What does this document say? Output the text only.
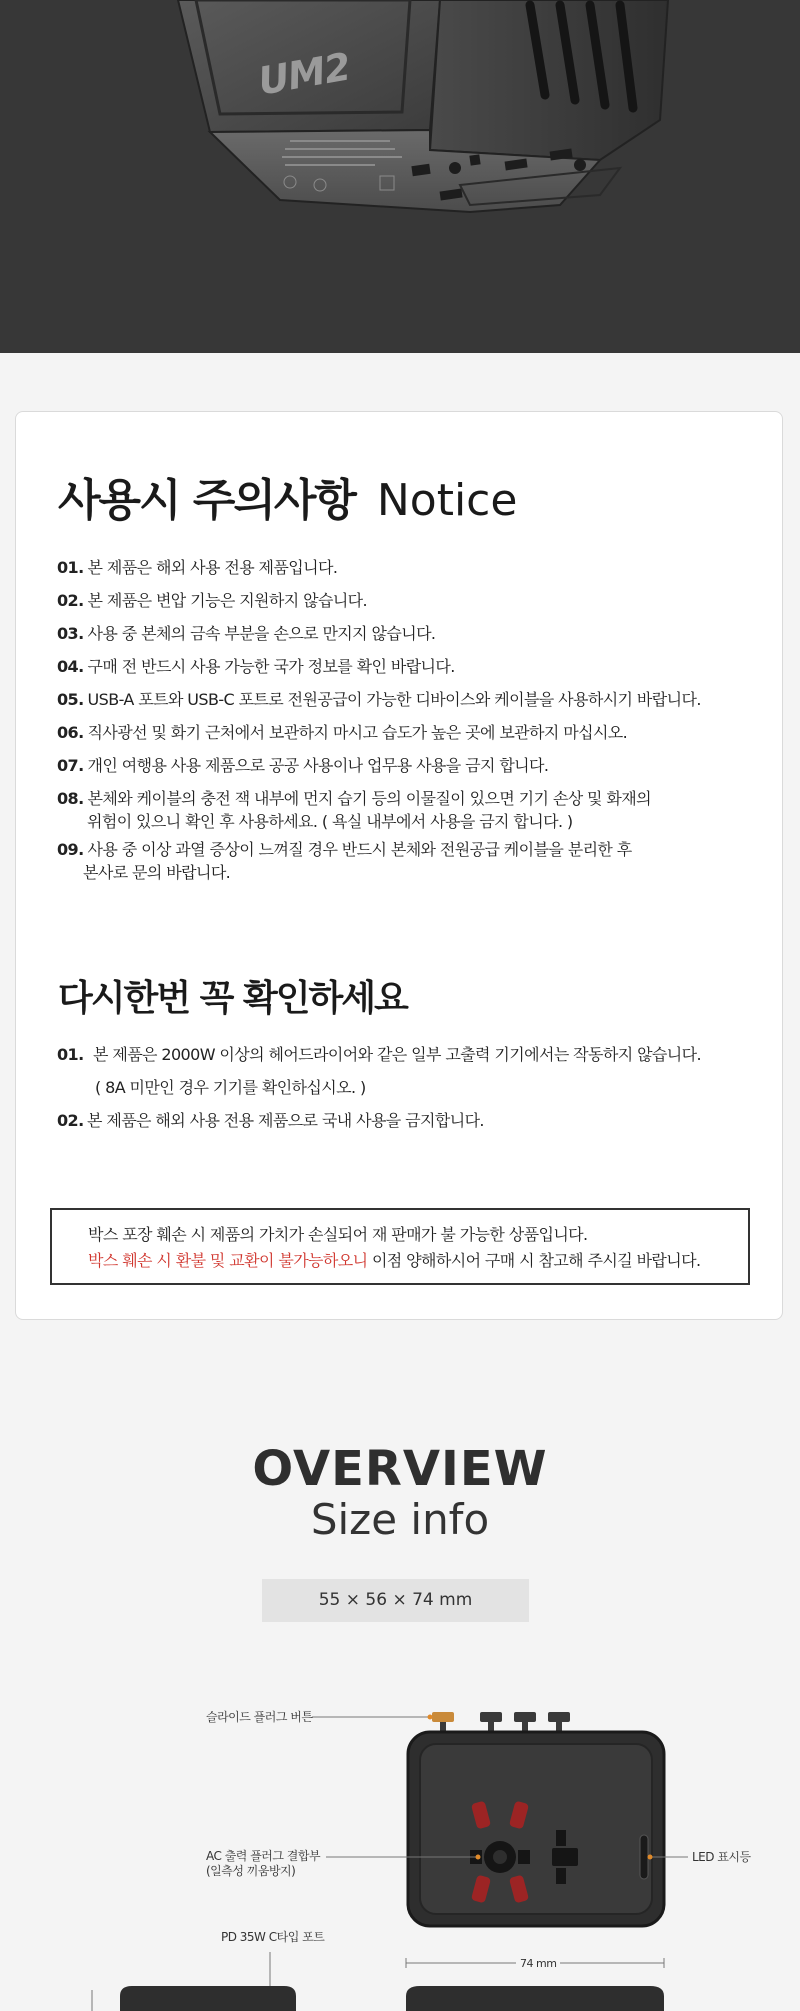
UM2
사용시 주의사항 Notice
01. 본 제품은 해외 사용 전용 제품입니다.
02. 본 제품은 변압 기능은 지원하지 않습니다.
03. 사용 중 본체의 금속 부분을 손으로 만지지 않습니다.
04. 구매 전 반드시 사용 가능한 국가 정보를 확인 바랍니다.
05. USB-A 포트와 USB-C 포트로 전원공급이 가능한 디바이스와 케이블을 사용하시기 바랍니다.
06. 직사광선 및 화기 근처에서 보관하지 마시고 습도가 높은 곳에 보관하지 마십시오.
07. 개인 여행용 사용 제품으로 공공 사용이나 업무용 사용을 금지 합니다.
08. 본체와 케이블의 충전 잭 내부에 먼지 습기 등의 이물질이 있으면 기기 손상 및 화재의
위험이 있으니 확인 후 사용하세요. ( 욕실 내부에서 사용을 금지 합니다. )
09. 사용 중 이상 과열 증상이 느껴질 경우 반드시 본체와 전원공급 케이블을 분리한 후
본사로 문의 바랍니다.
다시한번 꼭 확인하세요
01. 본 제품은 2000W 이상의 헤어드라이어와 같은 일부 고출력 기기에서는 작동하지 않습니다.
( 8A 미만인 경우 기기를 확인하십시오. )
02. 본 제품은 해외 사용 전용 제품으로 국내 사용을 금지합니다.
박스 포장 훼손 시 제품의 가치가 손실되어 재 판매가 불 가능한 상품입니다.
박스 훼손 시 환불 및 교환이 불가능하오니 이점 양해하시어 구매 시 참고해 주시길 바랍니다.
OVERVIEW
Size info
55 × 56 × 74 mm
슬라이드 플러그 버튼
AC 출력 플러그 결합부
(일측성 끼움방지)
LED 표시등
PD 35W C타입 포트
74 mm
